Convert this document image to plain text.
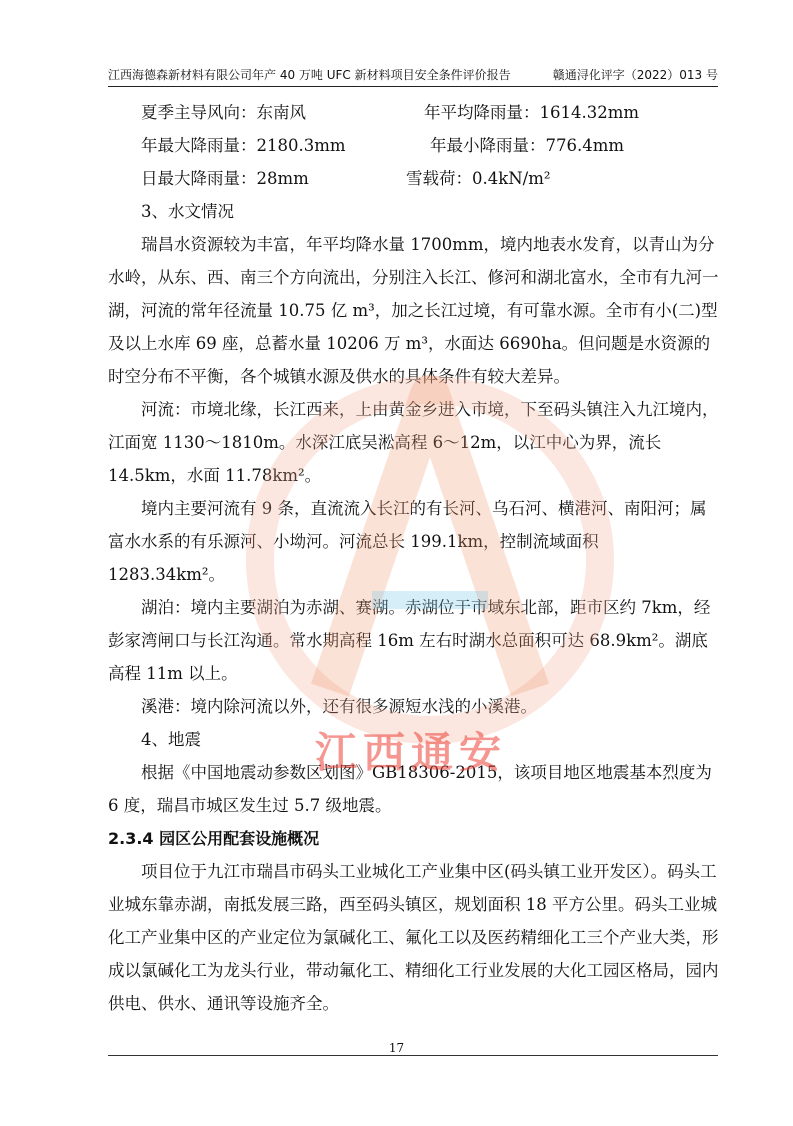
江西海德森新材料有限公司年产 40 万吨 UFC 新材料项目安全条件评价报告	赣通浔化评字（2022）013 号
夏季主导风向：东南风	年平均降雨量：1614.32mm
年最大降雨量：2180.3mm	年最小降雨量：776.4mm
日最大降雨量：28mm	雪载荷：0.4kN/m²

3、水文情况

瑞昌水资源较为丰富，年平均降水量 1700mm，境内地表水发育，以青山为分水岭，从东、西、南三个方向流出，分别注入长江、修河和湖北富水，全市有九河一湖，河流的常年径流量 10.75 亿 m³，加之长江过境，有可靠水源。全市有小(二)型及以上水库 69 座，总蓄水量 10206 万 m³，水面达 6690ha。但问题是水资源的时空分布不平衡，各个城镇水源及供水的具体条件有较大差异。

河流：市境北缘，长江西来，上由黄金乡进入市境，下至码头镇注入九江境内，江面宽 1130～1810m。水深江底吴淞高程 6～12m，以江中心为界，流长 14.5km，水面 11.78km²。

境内主要河流有 9 条，直流流入长江的有长河、乌石河、横港河、南阳河；属富水水系的有乐源河、小坳河。河流总长 199.1km，控制流域面积 1283.34km²。

湖泊：境内主要湖泊为赤湖、赛湖。赤湖位于市域东北部，距市区约 7km，经彭家湾闸口与长江沟通。常水期高程 16m 左右时湖水总面积可达 68.9km²。湖底高程 11m 以上。

溪港：境内除河流以外，还有很多源短水浅的小溪港。

4、地震

根据《中国地震动参数区划图》GB18306-2015，该项目地区地震基本烈度为 6 度，瑞昌市城区发生过 5.7 级地震。

2.3.4 园区公用配套设施概况

项目位于九江市瑞昌市码头工业城化工产业集中区(码头镇工业开发区）。码头工业城东靠赤湖，南抵发展三路，西至码头镇区，规划面积 18 平方公里。码头工业城化工产业集中区的产业定位为氯碱化工、氟化工以及医药精细化工三个产业大类，形成以氯碱化工为龙头行业，带动氟化工、精细化工行业发展的大化工园区格局，园内供电、供水、通讯等设施齐全。

17
江西通安
